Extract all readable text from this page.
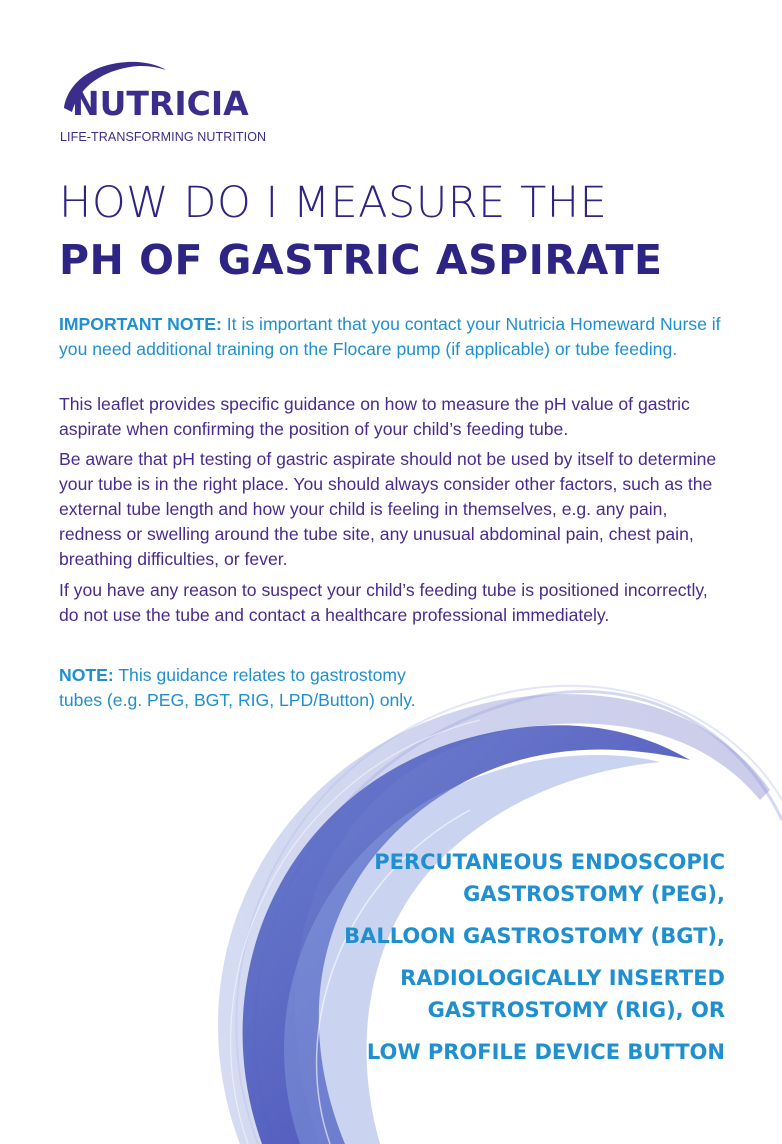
NUTRICIA
LIFE-TRANSFORMING NUTRITION
HOW DO I MEASURE THE
PH OF GASTRIC ASPIRATE

IMPORTANT NOTE: It is important that you contact your Nutricia Homeward Nurse if you need additional training on the Flocare pump (if applicable) or tube feeding.

This leaflet provides specific guidance on how to measure the pH value of gastric aspirate when confirming the position of your child’s feeding tube.

Be aware that pH testing of gastric aspirate should not be used by itself to determine your tube is in the right place. You should always consider other factors, such as the external tube length and how your child is feeling in themselves, e.g. any pain, redness or swelling around the tube site, any unusual abdominal pain, chest pain, breathing difficulties, or fever.

If you have any reason to suspect your child’s feeding tube is positioned incorrectly, do not use the tube and contact a healthcare professional immediately.

NOTE: This guidance relates to gastrostomy tubes (e.g. PEG, BGT, RIG, LPD/Button) only.

PERCUTANEOUS ENDOSCOPIC
GASTROSTOMY (PEG),
BALLOON GASTROSTOMY (BGT),
RADIOLOGICALLY INSERTED
GASTROSTOMY (RIG), OR
LOW PROFILE DEVICE BUTTON
